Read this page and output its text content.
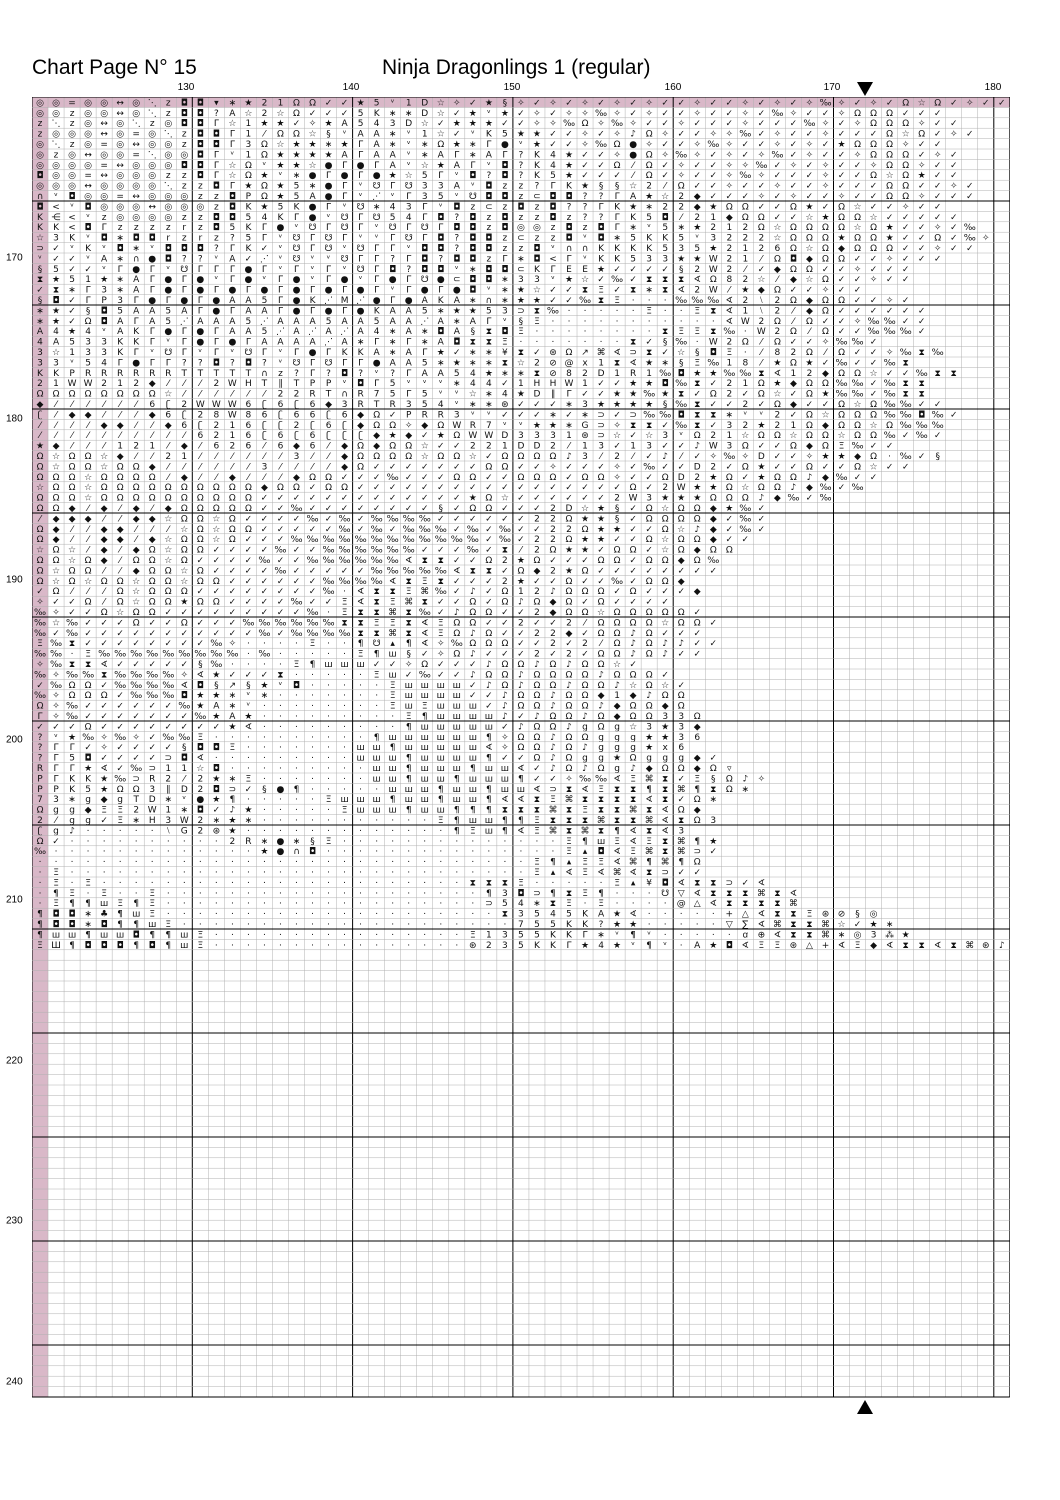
Chart Page N° 15	Ninja Dragonlings 1 (regular)
130	140	150	160	170	180
170
180
190
200
210
220
230
240
◎ ◎ = ◎ ◎ ↔ ◎ ⋱ z ◘ ◘ ▾ ∗ ★ 2 1 Ω Ω ✓ ✓ ★ 5 ᵛ 1 D ☆ ✧ ✓ ★ § ✧ ✓ ✧ ✓ ✧ ✓ ✧ ✓ ✧ ✓ ✓ ✧ ✓ ✓ ✧ ✓ ✧ ✓ ✧ ‰ ✧ ✓ ✧ ✓ Ω ☆ Ω ✓ ✧ ✓ ✓
◎ ◎ z ◎ ◎ ↔ ◎ ⋱ z ◘ ◘ ? A ☆ 2 ☆ Ω ✓ ✓ ✓ 5 K ∗ ∗ D ☆ ✓ ★ ᵛ ★ ✓ ✧ ✓ ✧ ✧ ‰ ✧ ✓ ✧ ✓ ✓ ✧ ✓ ✓ ✧ ✓ ‰ ✧ ✓ ✓ ✧ Ω Ω Ω ✓ ✓ ✓
z ⋱ z ◎ ↔ ◎ ⋱ z ◎ ◘ ◘ Γ ☆ 1 ★ ★ ✓ ✧ ★ A 5 4 3 D ☆ ✓ ★ ★ ★ ✓ ✓ ✧ ✧ ‰ Ω ✧ ‰ ✧ ✓ ✓ ✧ ✓ ✓ ✓ ✧ ✓ ✓ ✓ ‰ ✧ ✓ ✧ Ω Ω Ω ✧ ✓ ✓
z ◎ ◎ ◎ ↔ ◎ = ◎ ⋱ z ◘ ◘ Γ 1 ⁄ Ω Ω ☆ § ᵛ A A ∗ ᵛ 1 ☆ ✓ ᵛ K 5 ★ ★ ✓ ✓ ✧ ✓ ✧ ♪ Ω ✧ ✓ ✓ ✧ ✧ ‰ ✓ ✧ ✓ ✓ ✧ ✓ ✓ ✓ Ω ☆ Ω ✓ ✧ ✓
◎ ⋱ z ◎ = ◎ ↔ ◎ ◎ z ◘ ◘ Γ 3 Ω ☆ ★ ★ ∗ ★ Γ A ∗ ᵛ ∗ Ω ★ ∗ Γ ● ᵛ ★ ✓ ✓ ✧ ‰ Ω ● ✧ ✓ ✓ ✧ ‰ ✧ ✓ ✓ ✧ ✓ ✧ ✓ ★ Ω Ω Ω ✧ ✓ ✓
◎ z ◎ ↔ ◎ ◎ = ⋱ ◎ ◎ ◘ Γ ᵛ 1 Ω ★ ★ ★ ★ A Γ A A ᵛ ∗ A Γ ∗ A Γ ? K 4 ★ ✓ ✓ ✧ ● Ω ✧ ‰ ✧ ✓ ✧ ✓ ✧ ‰ ✓ ✧ ✓ ✓ ✧ Ω Ω Ω ✓ ✧ ✓
◎ ◎ ◎ ◎ = ↔ ◎ ◎ ◎ ◘ ◘ Γ ☆ Ω ᵛ ★ ★ ☆ ● Γ ● Γ A ᵛ ☆ ★ A Γ ᵛ ◘ ? K 4 ★ ✓ ✓ Ω ⁄ Ω ✓ ✧ ✓ ✓ ✧ ✧ ‰ ✓ ✧ ✓ ✧ ✓ ✓ ✧ Ω Ω ✧ ✓ ✓
◘ ◎ ◎ = ↔ ◎ ◎ ◎ z z ◘ Γ ☆ Ω ★ ᵛ ∗ ● Γ ● Γ ● ★ ☆ 5 Γ ᵛ ◘ ? ◘ ? K 5 ★ ✓ ✓ ✓ ⁄ Ω ✓ ✧ ✓ ✓ ✧ ‰ ✧ ✓ ✓ ✓ ✧ ✓ ✓ Ω ☆ Ω ★ ✓ ✓
◎ ◎ ◎ ↔ ◎ ◎ ◎ ◎ ⋱ z z ◘ Γ ★ Ω ★ 5 ∗ ● Γ ᵛ ☋ Γ ☋ 3 3 A ᵛ ◘ z z ? Γ K ★ § § ☆ 2 ⁄ Ω ✓ ✓ ✧ ✓ ✓ ✧ ✓ ✓ ✧ ✓ ✓ ✓ Ω Ω ✓ ✓ ✧ ✓
∩ ᵛ ◘ ◎ ◎ = ↔ ◎ ◎ ◎ z z ◘ P Ω ★ 5 A ● Γ ᵛ ⋰ ᵛ Γ 3 5 ᵛ ☋ ◘ ◘ z ⊂ ◘ ◘ ? ? Γ A ★ ☆ 2 ◆ ✓ ✓ ✓ ✧ ✓ ✧ ✓ ✓ ✧ ✓ ✓ Ω Ω ✧ ✓ ✓ ✓
◘ < ᵛ ◘ ◎ ◎ ◎ ↔ ◎ ◎ ◎ z ◘ K ★ 5 K ● Γ ᵛ ☋ ∗ 4 3 Γ ᵛ ◘ z ⊂ z ◘ z ◘ ? ? Γ K ★ ∗ 2 2 ◆ ★ Ω Ω ✓ ✓ Ω ★ ✓ Ω ☆ ✓ ✓ ✧ ✓ ✓
K ⋲ < ᵛ z ◎ ◎ ◎ ◎ z z ◘ ◘ 5 4 K Γ ● ᵛ ☋ Γ ☋ 5 4 Γ ◘ ? ◘ z ◘ z z ◘ z ? ? Γ K 5 ◘ ⁄ 2 1 ◆ Ω Ω ✓ ✓ ☆ ★ Ω Ω ☆ ✓ ✓ ✓ ✓ ✓
K K < ◘ Γ z z z z r z ◘ 5 K Γ ● ᵛ ☋ Γ ☋ Γ ᵛ ☋ Γ ☋ Γ ◘ ◘ z ◘ ◎ ◎ z ◘ z ◘ Γ ∗ ᵛ 5 ∗ ★ 2 1 2 Ω ☆ Ω Ω Ω Ω ☆ Ω ★ ✓ ✓ ✧ ✓ ‰
☆ 3 K ᵛ ◘ ∗ ◘ ◘ r z r z ? 5 Γ ᵛ ☋ Γ ☋ Γ ᵛ ᵛ Γ ☋ Γ ◘ ? ◘ ◘ z ⊂ z z ◘ ᵛ ◘ ∗ 5 K K 5 ᵛ 3 2 2 2 ☆ Ω Ω Ω ★ Ω Ω ★ ✓ ✓ Ω ✓ ‰ ✧
⊃ ✓ ᵛ K ᵛ ◘ ∗ ᵛ ◘ ◘ ◘ ? Γ K ✓ ᵛ ☋ Γ ☋ ᵛ ☋ Γ Γ ᵛ ◘ ◘ ? ◘ ◘ z z ◘ ᵛ ∩ ∩ K K K K 5 3 5 ★ 2 1 2 6 Ω ☆ Ω ◆ Ω Ω Ω ✓ ✓ ✧ ✓ ✓
ᵛ ✓ ✓ ᵛ A ∗ ∩ ● ◘ ? ? ᵛ A ✓ ⋰ ᵛ ☋ ᵛ ᵛ ☋ Γ Γ ? Γ ◘ ? ◘ ◘ z Γ ∗ ◘ < Γ ᵛ K K 5 3 3 ★ ★ W 2 1 ⁄ Ω ◘ ◆ Ω Ω ✓ ✓ ✧ ✓ ✓ ✓
§ 5 ✓ ✓ ᵛ Γ ● Γ ᵛ ☋ Γ Γ Γ ● Γ ᵛ Γ ᵛ Γ ᵛ ☋ Γ ◘ ? ◘ ◘ ᵛ ∗ ◘ ◘ ⊂ K Γ Ε Ε ★ ✓ ✓ ✓ ✓ § 2 W 2 ⁄ ✓ ◆ Ω Ω ✓ ✓ ✧ ✓ ✓ ✓
⧗ ★ 5 1 ★ ∗ A Γ ● Γ ● ᵛ Γ ● ᵛ Γ ● ᵛ Γ ● ᵛ Γ ● Γ ☋ ● ⊂ ◘ ◘ ∗ 3 3 ᵛ ★ ☆ ✓ ‰ ✓ ⧗ ⧗ ⧗ ∢ Ω 8 2 ☆ ⁄ ◆ ☆ Ω ✓ ✓ ✧ ✓ ✓
✓ ⧗ ∗ Γ 3 ∗ A Γ ● Γ ● Γ ● Γ ● Γ ● Γ ● Γ ● Γ ᵛ Γ ● Γ ● ◘ ᵛ ∗ ★ ☆ ✓ ✓ ⧗ Ξ ✓ ⧗ ∗ ⧗ ∢ 2 W ⁄ ★ ◆ Ω ✓ ✓ ✧ ✓ ✓
§ ◘ ✓ Γ P 3 Γ ● Γ ● Γ ● A A 5 Γ ● K ⋰ M ⋰ ● Γ ● A K A ∗ ∩ ∗ ★ ★ ✓ ✓ ‰ ⧗ Ξ · · · ‰ ‰ ‰ ∢ 2 ⧵ 2 Ω ◆ Ω Ω ✓ ✓ ✧ ✓
∗ ★ ✓ § ◘ 5 A A 5 A Γ ● Γ A A Γ ● Γ ● Γ ● K A A 5 ∗ ★ ★ 5 3 ⊃ ⧗ ‰ · · · · · Ξ · · Ξ ⧗ ∢ 1 ⧵ 2 ⁄ ◆ Ω ✓ ✓ ✓ ✓ ✓ ✓
∗ ★ ✓ Ω ◘ A Γ A 5 ⋰ A A A 5 ⋰ A A A 5 A A 5 A A ⋰ A ∗ A Γ ᵛ § Ξ · · · · · · · · · · · ∢ W 2 Ω ⁄ Ω ✓ ✓ ✧ ‰ ‰ ✓ ✓
A 4 ★ 4 ᵛ A K Γ ● Γ ● Γ A A 5 ⋰ A ⋰ A ⋰ A 4 ∗ A ∗ ◘ A § ⧗ ◘ Ξ · · · · · · · · ⧗ Ξ Ξ ⧗ ‰ · W 2 Ω ⁄ Ω ✓ ✓ ‰ ‰ ‰ ✓
4 A 5 3 3 K K Γ ᵛ Γ ● Γ ● Γ A A A A ⋰ A ∗ Γ ∗ Γ ∗ A ◘ ⧗ ⧗ Ξ · · · · · · · ⧗ ✓ § ‰ · W 2 Ω ⁄ Ω ✓ ✓ ✧ ‰ ‰ ✓
3 ☆ 1 3 3 K Γ ᵛ ☋ Γ ᵛ Γ ᵛ ☋ Γ ᵛ Γ ● Γ K K A ∗ A Γ ★ ✓ ∗ ∗ ¥ ⧗ ✓ ⊛ Ω ↗ ⌘ ∢ ⊃ ⧗ ✓ ☆ § ◘ Ξ · ⁄ 8 2 Ω ⁄ Ω ✓ ✓ ✧ ‰ ⧗ ‰
3 3 ᵛ 5 4 Γ ● Γ Γ ? ? ◘ ? ◘ ? ᵛ ☋ Γ ☋ Γ Γ ● A A 5 ∗ ★ ∗ ∗ ⧗ ☆ 2 ⊘ @ x 1 ⧗ ∢ ★ ∗ § Ξ ‰ 1 8 ⁄ ★ Ω ★ ✓ ‰ ✓ ✓ ‰ ⧗
K K P R R R R R R T T T T T ∩ z ? Γ ? ◘ ? ᵛ ? Γ A A 5 4 ★ ∗ ∗ ⧗ ⊘ 8 2 D 1 R 1 ‰ ◘ ★ ★ ‰ ‰ ⧗ ∢ 1 2 ◆ Ω Ω ☆ ✓ ✓ ‰ ⧗ ⧗
2 1 W W 2 1 2 ◆ ⁄ ⁄ ⁄ 2 W H T ∥ T P P ᵛ ◘ Γ 5 ᵛ ᵛ ᵛ ∗ 4 4 ✓ 1 H H W 1 ✓ ✓ ★ ★ ◘ ‰ ⧗ ✓ 2 1 Ω ★ ◆ Ω Ω ‰ ‰ ✓ ‰ ⧗ ⧗
Ω Ω Ω Ω Ω Ω Ω Ω ☆ ⁄ ⁄ ⁄ ⁄ ⁄ ⁄ 2 2 R T ∩ R 7 5 Γ 5 ᵛ ᵛ ☆ ∗ 4 ★ D ∥ Γ ✓ ✓ ★ ★ ‰ ★ ⧗ ✓ Ω 2 ✓ Ω ☆ ✓ Ω ★ ‰ ‰ ✓ ‰ ⧗ ⧗
◆ ⁄ ⁄ ⁄ ⁄ ⁄ ⁄ 6 ʗ 2 W W W 6 ʗ 6 ʗ 6 ◆ 3 R T R 3 5 4 ᵛ ∗ ∗ ⊛ ✓ ✓ ✓ ∗ 3 ★ ★ ★ ★ § ‰ ⧗ ✓ ✓ 2 ✓ Ω ◆ ✓ ✓ Ω ☆ Ω ‰ ‰ ✓ ✓
ʗ ⁄ ◆ ◆ ⁄ ⁄ ⁄ ◆ 6 ʗ 2 8 W 8 6 ʗ 6 6 ʗ 6 ◆ Ω ✓ P R R 3 ᵛ ᵛ ✓ ✓ ✓ ∗ ✓ ∗ ⊃ ✓ ⊃ ‰ ‰ ◘ ⧗ ⧗ ∗ ᵛ ᵛ 2 ✓ Ω ☆ Ω Ω Ω ‰ ‰ ◘ ‰ ✓
⁄ ⁄ ⁄ ⁄ ◆ ◆ ⁄ ⁄ ◆ 6 ʗ 2 1 6 ʗ ʗ 2 ʗ 6 ʗ ◆ Ω Ω ✧ ◆ Ω W R 7 ᵛ ᵛ ★ ★ ∗ G ⊃ ✧ ⧗ ⧗ ✓ ‰ ⧗ ✓ 3 2 ★ 2 1 Ω ◆ Ω Ω ☆ Ω ‰ ‰ ‰
⁄ ⁄ ⁄ ⁄ ⁄ ⁄ ⁄ ⁄ ⁄ ⁄ 6 2 1 6 ʗ 6 ʗ 6 ʗ ʗ ʗ ◆ ★ ◆ ✓ ★ Ω W W D 3 3 3 1 ⊛ ⊃ ☆ ✓ ☆ 3 ᵛ Ω 2 1 ☆ Ω Ω ☆ Ω Ω ☆ Ω Ω ‰ ✓ ‰ ✓
★ ◆ ⁄ ⁄ ⁄ 1 2 1 ⁄ ◆ ⁄ 6 2 6 ⁄ 6 ◆ 6 ⁄ ◆ Ω ◆ Ω Ω ☆ ✓ ✓ 2 2 1 D D 2 ⁄ 1 3 ✓ 1 3 ✓ ✓ ♪ W 3 Ω ✓ ✓ Ω ◆ Ω Ξ ‰ ✓ ✓
Ω ☆ Ω Ω ☆ ◆ ⁄ ⁄ 2 1 ⁄ ⁄ ⁄ ⁄ ⁄ ⁄ 3 ⁄ ⁄ ◆ Ω Ω Ω Ω ☆ Ω Ω ☆ ✓ Ω Ω Ω Ω ♪ 3 ⁄ 2 ⁄ ✓ ♪ ⁄ ✓ ✧ ‰ ✧ D ✓ ✓ ✧ ★ ★ ◆ Ω ⋅ ‰ ✓ §
Ω ☆ Ω Ω ☆ Ω Ω ◆ ⁄ ⁄ ⁄ ⁄ ⁄ ⁄ 3 ⁄ ⁄ ⁄ ⁄ ◆ Ω ✓ ✓ ✓ ✓ ✓ ✓ ✓ Ω Ω ✓ ✓ ✧ ✓ ✓ ✓ ✧ ✓ ‰ ✓ ✓ D 2 ✓ Ω ★ ✓ ✓ Ω ✓ ✓ Ω ☆ ✓ ✓
Ω Ω Ω ☆ Ω Ω Ω Ω ⁄ ◆ ⁄ ⁄ ◆ ⁄ ⁄ ⁄ ◆ Ω Ω ✓ ✓ ✓ ‰ ✓ ✓ ✓ Ω Ω ✓ ✓ Ω Ω Ω ✓ Ω Ω ✧ ✓ ✓ Ω D 2 ★ Ω ✓ ★ Ω Ω ♪ ◆ ‰ ✓ ✓
☆ Ω Ω ☆ Ω Ω Ω Ω Ω Ω Ω Ω Ω Ω ◆ Ω Ω ✓ Ω Ω ✓ ✓ ✓ ✓ ✓ ✓ ✓ ✓ ✓ ✓ ✓ ✓ ✓ ✓ ✓ ✓ ✓ Ω ✓ 2 W ★ ★ Ω ☆ Ω Ω ♪ ◆ ‰ ✓ ‰
Ω Ω Ω ☆ Ω Ω Ω Ω Ω Ω Ω Ω Ω Ω ✓ ✓ ✓ ✓ ✓ ✓ ✓ ✓ ✓ ✓ ✓ ✓ ✓ ★ Ω ☆ ✓ ✓ ✓ ✓ ✓ ✓ 2 W 3 ★ ★ ★ Ω Ω Ω ♪ ◆ ‰ ✓ ‰
Ω Ω ◆ ⁄ ◆ ⁄ ◆ ⁄ ◆ Ω Ω Ω Ω Ω ✓ ✓ ‰ ✓ ✓ ✓ ✓ ✓ ✓ ✓ ✓ § ✓ Ω Ω ✓ ✓ ✓ 2 D ☆ ★ § ✓ Ω ☆ Ω Ω ◆ ★ ‰ ✓
⁄ ◆ ◆ ◆ ⁄ ⁄ ◆ ◆ ☆ Ω Ω ☆ Ω ✓ ✓ ✓ ✓ ‰ ✓ ‰ ✓ ‰ ‰ ‰ ‰ ✓ ✓ ✓ ✓ ✓ ✓ 2 2 Ω ★ ★ § ✓ Ω Ω Ω Ω ◆ ✓ ‰ ✓
Ω ◆ ⁄ ⁄ ◆ ◆ ⁄ ⁄ ⁄ ☆ Ω ☆ Ω Ω ✓ ✓ ✓ ✓ ✓ ‰ ✓ ‰ ✓ ‰ ‰ ‰ ✓ ‰ ✓ ‰ ✓ ✓ 2 2 Ω ★ ★ ✓ ✓ Ω ☆ ♪ ◆ ✓ ‰ ✓
Ω ◆ ⁄ ⁄ ◆ ◆ ⁄ ◆ ☆ Ω Ω ☆ Ω ✓ ✓ ✓ ‰ ‰ ‰ ‰ ‰ ‰ ‰ ‰ ‰ ‰ ‰ ‰ ✓ ‰ ✓ 2 2 Ω ★ ★ ✓ ✓ Ω ☆ Ω Ω ◆ ✓ ✓
☆ Ω ☆ ⁄ ◆ ⁄ ◆ Ω ☆ Ω Ω ✓ ✓ ✓ ✓ ‰ ✓ ✓ ‰ ‰ ‰ ‰ ‰ ‰ ✓ ✓ ✓ ‰ ✓ ⧗ ⁄ 2 Ω ★ ★ ✓ Ω Ω ✓ ☆ Ω ◆ Ω Ω
Ω Ω ☆ Ω ◆ ⁄ Ω Ω ☆ Ω ✓ ✓ ✓ ✓ ‰ ✓ ✓ ‰ ‰ ‰ ‰ ‰ ‰ ∢ ⧗ ⧗ ✓ ✓ Ω 2 ★ Ω ✓ ✓ ✓ Ω Ω ✓ Ω Ω ◆ Ω ‰
Ω ☆ Ω Ω ⁄ ⁄ ◆ Ω Ω ☆ Ω ✓ ✓ ✓ ✓ ‰ ✓ ✓ ✓ ✓ ✓ ‰ ‰ ‰ ‰ ‰ ∢ ⧗ ⧗ ✓ Ω ◆ 2 ★ Ω ✓ ✓ ✓ ✓ ✓ ✓ ✓ ✓
Ω ☆ Ω ☆ Ω Ω ☆ Ω Ω ☆ Ω Ω ✓ ✓ ✓ ✓ ✓ ✓ ‰ ‰ ‰ ‰ ∢ ⧗ Ξ ⧗ ✓ ✓ ✓ 2 ★ ✓ ✓ Ω ✓ ✓ ‰ ✓ Ω Ω ◆
✓ Ω ⁄ ⁄ ⁄ Ω ☆ Ω Ω Ω ✓ ✓ ✓ ✓ ✓ ✓ ✓ ✓ ‰ ⋅ ∢ ⧗ ⧗ Ξ ⌘ ‰ ✓ ♪ ✓ Ω 1 2 ♪ Ω Ω Ω ✓ Ω ✓ ✓ ✓ ◆
✧ ✓ ✓ Ω ⁄ Ω ☆ Ω Ω ★ Ω Ω ✓ ✓ ✓ ✓ ‰ ✓ ✓ Ξ ∢ ⧗ Ξ ⌘ ⧗ ✓ ✓ Ω ✓ Ω ♪ Ω ◆ Ω ✓ Ω ✓ ✓ ✓ ✓
‰ ✧ ✓ ✓ Ω ☆ Ω Ω ✓ ✓ ✓ ✓ ✓ ✓ ✓ ✓ ✓ ‰ ⋅ Ξ ⧗ ⧗ ⌘ ⧗ ‰ ✓ ♪ Ω Ω ✓ ✓ 2 ◆ Ω Ω ☆ Ω Ω Ω Ω Ω ✓
‰ ☆ ‰ ✓ ✓ ✓ Ω ✓ ✓ Ω ✓ ✓ ✓ ‰ ‰ ‰ ‰ ‰ ‰ ⧗ ⧗ Ξ Ξ ⧗ ∢ Ξ Ω Ω ✓ ✓ 2 ✓ ✓ 2 ⁄ Ω Ω Ω Ω ☆ Ω Ω ✓
‰ ✓ ‰ ✓ ✓ ✓ ✓ ✓ ✓ ✓ ✓ ✓ ✓ ✓ ‰ ✓ ‰ ‰ ‰ ‰ ⧗ ⧗ ⌘ ⧗ ∢ Ξ Ω ♪ Ω ✓ ✓ 2 2 ◆ ✓ Ω Ω ♪ Ω ✓ ✓ ✓
Ξ ‰ ⧗ ✓ ✓ ✓ ✓ ✓ ✓ ✓ ✓ ‰ ✧ · · · · Ξ · · ¶ ☋ ▴ ¶ ∢ ✧ ‰ Ω Ω Ω ✓ ✓ 2 ✓ 2 ⁄ Ω ♪ Ω ♪ ♪ ✓ ✓
‰ ‰ · Ξ ‰ ‰ ‰ ‰ ‰ ‰ ‰ ‰ ‰ · ‰ · · · · · Ξ ¶ ш § ✓ ✧ Ω ♪ ✓ ✓ ✓ 2 ✓ 2 ✓ Ω Ω ♪ Ω ♪ ✓ ✓
✧ ‰ ⧗ ⧗ ∢ ✓ ✓ ✓ ✓ ✓ § ‰ · · · · Ξ ¶ ш ш ш ✓ ✓ ✧ Ω ✓ ✓ ✓ ♪ Ω Ω ♪ Ω ♪ Ω Ω ☆ ✓
‰ ✧ ‰ ‰ ⧗ ‰ ‰ ‰ ‰ ✧ ∢ ★ ✓ ✓ ✓ ⧗ · · · · · Ξ ш ✓ ‰ ✓ ✓ ♪ Ω Ω ♪ Ω Ω Ω Ω ♪ Ω Ω Ω ✓
✓ ‰ Ω Ω ✓ ‰ ‰ ‰ ‰ ∢ ◘ § ↗ § ★ ᵛ ◘ · · · · · Ξ ш ш ш ш ✓ ♪ Ω ♪ Ω Ω ♪ Ω Ω ♪ ☆ Ω ☆ ✓
‰ ✧ Ω Ω Ω ✓ ‰ ‰ ‰ ◘ ★ ★ ∗ ᵛ ∗ · · · · · · · Ξ ш ш ш ш ✓ ✓ ♪ Ω Ω ♪ Ω Ω ◆ 1 ◆ ♪ Ω Ω
Ω ✧ ‰ ✓ ✓ ✓ ✓ ✓ ✓ ‰ ★ A ∗ ᵛ · · · · · · · · Ξ ш Ξ ш ш ш ✓ ♪ Ω Ω ♪ Ω Ω ♪ ◆ Ω Ω ◆ Ω
Γ ✧ ‰ ✓ ✓ ✓ ✓ ✓ ✓ ✓ ‰ ★ A ★ · · · · · · · · · Ξ ¶ ш ш ш ш ♪ ✓ ♪ Ω Ω ♪ Ω ◆ Ω Ω 3 3 Ω
✓ ✓ ✓ Ω ✓ ✓ ✓ ✓ ✓ ✓ ✓ ✓ ★ ∢ · · · · · · · · · ¶ ш ш ш ш ш ✓ ♪ Ω Ω ♪ g Ω g ☆ 3 ★ 3 ◆
? ᵛ ★ ‰ ✧ ‰ ✧ ✓ ‰ ‰ Ξ · · · · · · · · · · ¶ ш ш ш ш ш ш ¶ ✧ Ω Ω ♪ Ω Ω g g g ★ ★ 3 6
? Γ Γ ✓ ✧ ✓ ✓ ✓ ✓ § ◘ ◘ Ξ · · · · · · · ш ш ¶ ш ш ш ш ш ∢ ✧ Ω Ω ♪ Ω ♪ g g g ★ x 6
? Γ 5 ◘ ✓ ✓ ✓ ✓ ⊃ ◘ ∢ · · · · · · · · · ш ш ш ¶ ш ш ш ш ¶ ✓ ✓ Ω ♪ Ω g g ★ Ω g g g ◆ ✓
R Γ Γ ★ ∢ ✓ ‰ ⊃ 1 1 ☆ ◘ · · · · · · · · · ш ш ¶ ш ш ш ¶ ш ш ∢ ✓ ♪ Ω ♪ Ω g ♪ ◆ Ω Ω ◆ Ω ▿
P Γ K K ★ ‰ ⊃ R 2 ⁄ 2 ★ ∗ Ξ · · · · · · · ш ш ¶ ш ш ¶ ш ш ш ¶ ✓ ✓ ✧ ‰ ‰ ∢ Ξ ⌘ ⧗ ✓ Ξ § Ω ♪ ✧
P P K 5 ★ Ω Ω 3 ∥ D 2 ◘ ⊃ ✓ § ● ¶ · · · · · ш ш ш ¶ ш ш ¶ ш ш ∢ ⊃ ⧗ ∢ Ξ ⧗ ⧗ ¶ ⧗ ⌘ ¶ ⧗ Ω ∗
7 3 ∗ g ◆ g T D ∗ ᵛ ● ★ ¶ · · · · · Ξ ш ш ш ¶ ш ш ¶ ш ш ¶ ∢ ∢ ⧗ Ξ ⌘ ⧗ ⧗ ⧗ ⧗ ∢ ⧗ ✓ Ω ∗
Ω g g ◆ Ξ Ξ 2 W 1 ∗ ◘ ✓ ♪ ★ · · · · · Ξ ш ш ш ¶ ш ш ¶ ¶ ¶ ⧗ ⧗ ⧗ ⌘ ⧗ Ξ ⧗ ⧗ ⌘ ⧗ ∢ Ω ◆
2 ⁄ g g ✓ Ξ ∗ H 3 W 2 ∗ ★ ∗ · · · · · · · · · · · Ξ ¶ ш ш ¶ ¶ Ξ ⧗ ⧗ ⧗ ⌘ ⧗ ⧗ ⌘ ∢ ⧗ Ω 3
ʗ g ♪ · · · · · ⧵ G 2 ⊛ ★ · · · · · · · · · · · · · ¶ Ξ ш ¶ ∢ Ξ ⌘ ⧗ ⌘ ⧗ ¶ ∢ ⧗ ∢ 3
Ω ✓ · · · · · · · · · · 2 R ∗ ● ∗ § Ξ · · · · · · · · · · · · · · Ξ ¶ ш Ξ ∢ Ξ ⧗ ⌘ ¶ ★
‰ · · · · · · · · · · · · · ★ ● ∩ ◘ · · · · · · · · · · · · · · · Ξ ▴ ◘ ∢ Ξ ⌘ ⧗ ⌘ ⊃ ✓
· · · · · · · · · · · · · · · · · · · · · · · · · · · · · · · Ξ ¶ ▴ Ξ Ξ ∢ ⌘ ¶ ⌘ ¶ Ω
· Ξ · · · · · · · · · · · · · · · · · · · · · · · · · · · · · Ξ ▴ ∢ Ξ ∢ ⌘ ∢ ⧗ ⊃ ✓ ✓
· Ξ · Ξ · · · · · · · · · · · · · · · · · · · · · · · ⧗ ⧗ ⧗ Ξ · · · · · Ξ ▴ ¥ ◘ ∢ ⧗ ⧗ ⊃ ✓ ∢
· ¶ Ξ · Ξ · · Ξ · · · · · · · · · · · · · · · · · · · · ¶ 3 ◘ ⊃ ¶ ⧗ Ξ ¶ · · · ☋ ▽ ∢ ⧗ ⧗ ⧗ ⌘ ⧗ ∢
· Ξ ¶ ¶ ш Ξ ¶ Ξ · · · · · · · · · · · · · · · · · · · · ⊃ 5 4 ∗ ⧗ Ξ · Ξ · · · · @ △ ∢ ⧗ ⧗ ⧗ ⧗ ⌘
¶ ◘ ◘ ∗ ♣ ¶ ш Ξ · · · · · · · · · · · · · · · · · · · · · ⧗ 3 5 4 5 K A ★ ∢ · · · · · + △ ∢ ⧗ ⧗ Ξ ⊛ ⊘ § ◎
¶ ◘ ◘ ∗ ◘ ¶ ¶ ш Ξ · · · · · · · · · · · · · · · · · · · · · 7 5 5 K K ? ★ ★ · · · · · ▽ ∑ ∢ ⌘ ⧗ ⧗ ⌘ ☆ ✓ ★ ∗
¶ ш ш ¶ ш ш ◘ ¶ ¶ ш Ξ · · · · · · · · · · · · · · · · Ξ 1 3 5 5 K K Γ ∗ ᵛ ¶ ᵛ · · · · · ꭤ ⊕ ∢ ⧗ ⧗ ⌘ ∗ ◎ 3 ⁂ ★
Ξ Ш ¶ ◘ ◘ ◘ ¶ ◘ ¶ ш Ξ · · · · · · · · · · · · · · · · ⊛ 2 3 5 K K Γ ★ 4 ★ ᵛ ¶ ᵛ · A ★ ◘ ∢ Ξ Ξ ⊛ △ + ∢ Ξ ◆ ∢ ⧗ ⧗ ∢ ⧗ ⌘ ⊛ ♪
